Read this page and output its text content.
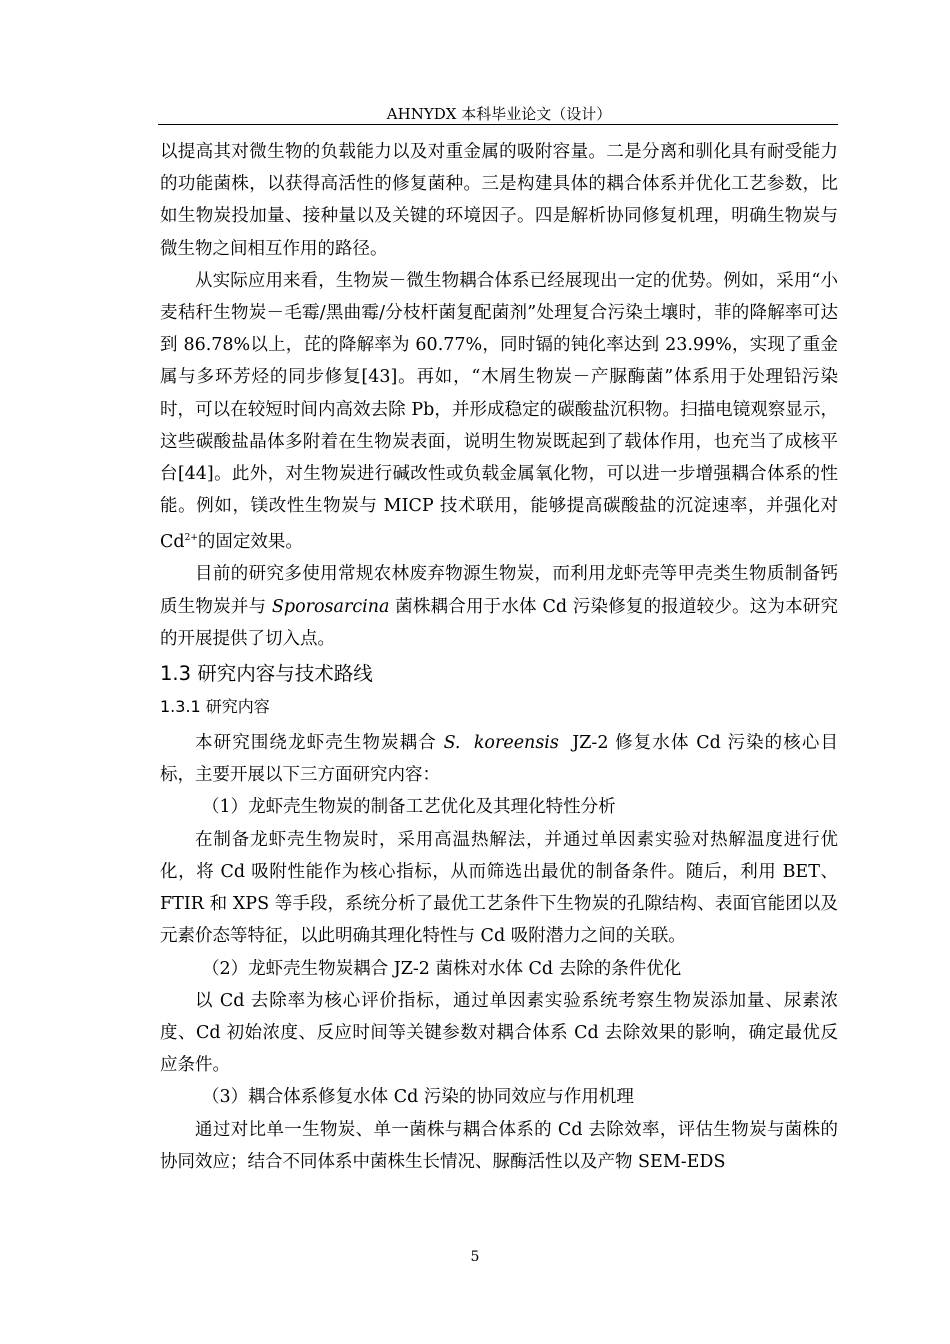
AHNYDX 本科毕业论文（设计）

以提高其对微生物的负载能力以及对重金属的吸附容量。二是分离和驯化具有耐受能力的功能菌株，以获得高活性的修复菌种。三是构建具体的耦合体系并优化工艺参数，比如生物炭投加量、接种量以及关键的环境因子。四是解析协同修复机理，明确生物炭与微生物之间相互作用的路径。

从实际应用来看，生物炭－微生物耦合体系已经展现出一定的优势。例如，采用“小麦秸秆生物炭－毛霉/黑曲霉/分枝杆菌复配菌剂”处理复合污染土壤时，菲的降解率可达到 86.78%以上，芘的降解率为 60.77%，同时镉的钝化率达到 23.99%，实现了重金属与多环芳烃的同步修复[43]。再如，“木屑生物炭－产脲酶菌”体系用于处理铅污染时，可以在较短时间内高效去除 Pb，并形成稳定的碳酸盐沉积物。扫描电镜观察显示，这些碳酸盐晶体多附着在生物炭表面，说明生物炭既起到了载体作用，也充当了成核平台[44]。此外，对生物炭进行碱改性或负载金属氧化物，可以进一步增强耦合体系的性能。例如，镁改性生物炭与 MICP 技术联用，能够提高碳酸盐的沉淀速率，并强化对 $Cd^{2+}$的固定效果。

目前的研究多使用常规农林废弃物源生物炭，而利用龙虾壳等甲壳类生物质制备钙质生物炭并与 Sporosarcina 菌株耦合用于水体 Cd 污染修复的报道较少。这为本研究的开展提供了切入点。

1.3 研究内容与技术路线
1.3.1 研究内容

本研究围绕龙虾壳生物炭耦合 S.  koreensis  JZ-2 修复水体 Cd 污染的核心目标，主要开展以下三方面研究内容：

（1）龙虾壳生物炭的制备工艺优化及其理化特性分析

在制备龙虾壳生物炭时，采用高温热解法，并通过单因素实验对热解温度进行优化，将 Cd 吸附性能作为核心指标，从而筛选出最优的制备条件。随后，利用 BET、FTIR 和 XPS 等手段，系统分析了最优工艺条件下生物炭的孔隙结构、表面官能团以及元素价态等特征，以此明确其理化特性与 Cd 吸附潜力之间的关联。

（2）龙虾壳生物炭耦合 JZ-2 菌株对水体 Cd 去除的条件优化

以 Cd 去除率为核心评价指标，通过单因素实验系统考察生物炭添加量、尿素浓度、Cd 初始浓度、反应时间等关键参数对耦合体系 Cd 去除效果的影响，确定最优反应条件。

（3）耦合体系修复水体 Cd 污染的协同效应与作用机理

通过对比单一生物炭、单一菌株与耦合体系的 Cd 去除效率，评估生物炭与菌株的协同效应；结合不同体系中菌株生长情况、脲酶活性以及产物 SEM-EDS

5
